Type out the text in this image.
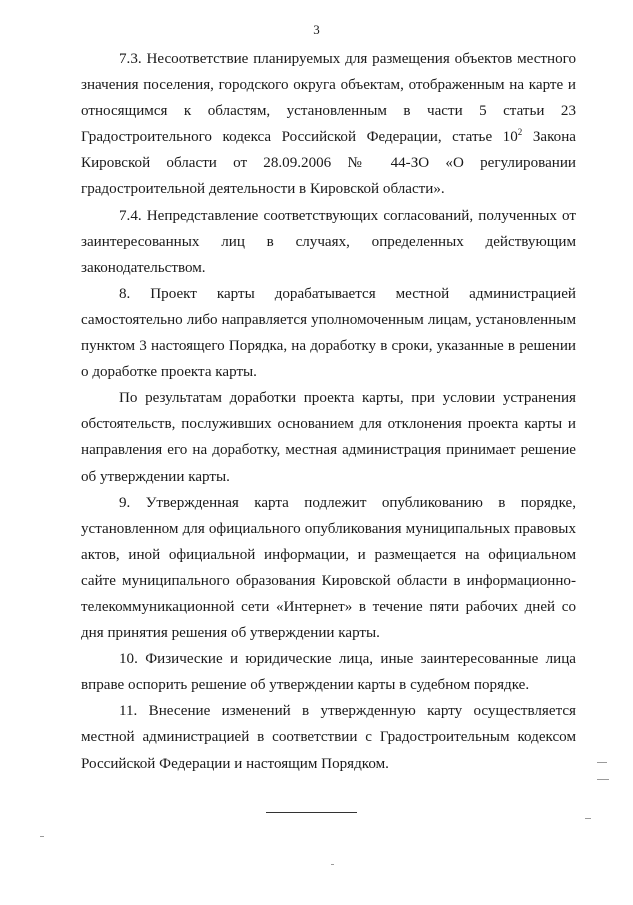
3

7.3. Несоответствие планируемых для размещения объектов местного значения поселения, городского округа объектам, отображенным на карте и относящимся к областям, установленным в части 5 статьи 23 Градостроительного кодекса Российской Федерации, статье $10^2$ Закона Кировской области от 28.09.2006 № 44-ЗО «О регулировании градостроительной деятельности в Кировской области».

7.4. Непредставление соответствующих согласований, полученных от заинтересованных лиц в случаях, определенных действующим законодательством.

8. Проект карты дорабатывается местной администрацией самостоятельно либо направляется уполномоченным лицам, установленным пунктом 3 настоящего Порядка, на доработку в сроки, указанные в решении о доработке проекта карты.

По результатам доработки проекта карты, при условии устранения обстоятельств, послуживших основанием для отклонения проекта карты и направления его на доработку, местная администрация принимает решение об утверждении карты.

9. Утвержденная карта подлежит опубликованию в порядке, установленном для официального опубликования муниципальных правовых актов, иной официальной информации, и размещается на официальном сайте муниципального образования Кировской области в информационно-телекоммуникационной сети «Интернет» в течение пяти рабочих дней со дня принятия решения об утверждении карты.

10. Физические и юридические лица, иные заинтересованные лица вправе оспорить решение об утверждении карты в судебном порядке.

11. Внесение изменений в утвержденную карту осуществляется местной администрацией в соответствии с Градостроительным кодексом Российской Федерации и настоящим Порядком.
